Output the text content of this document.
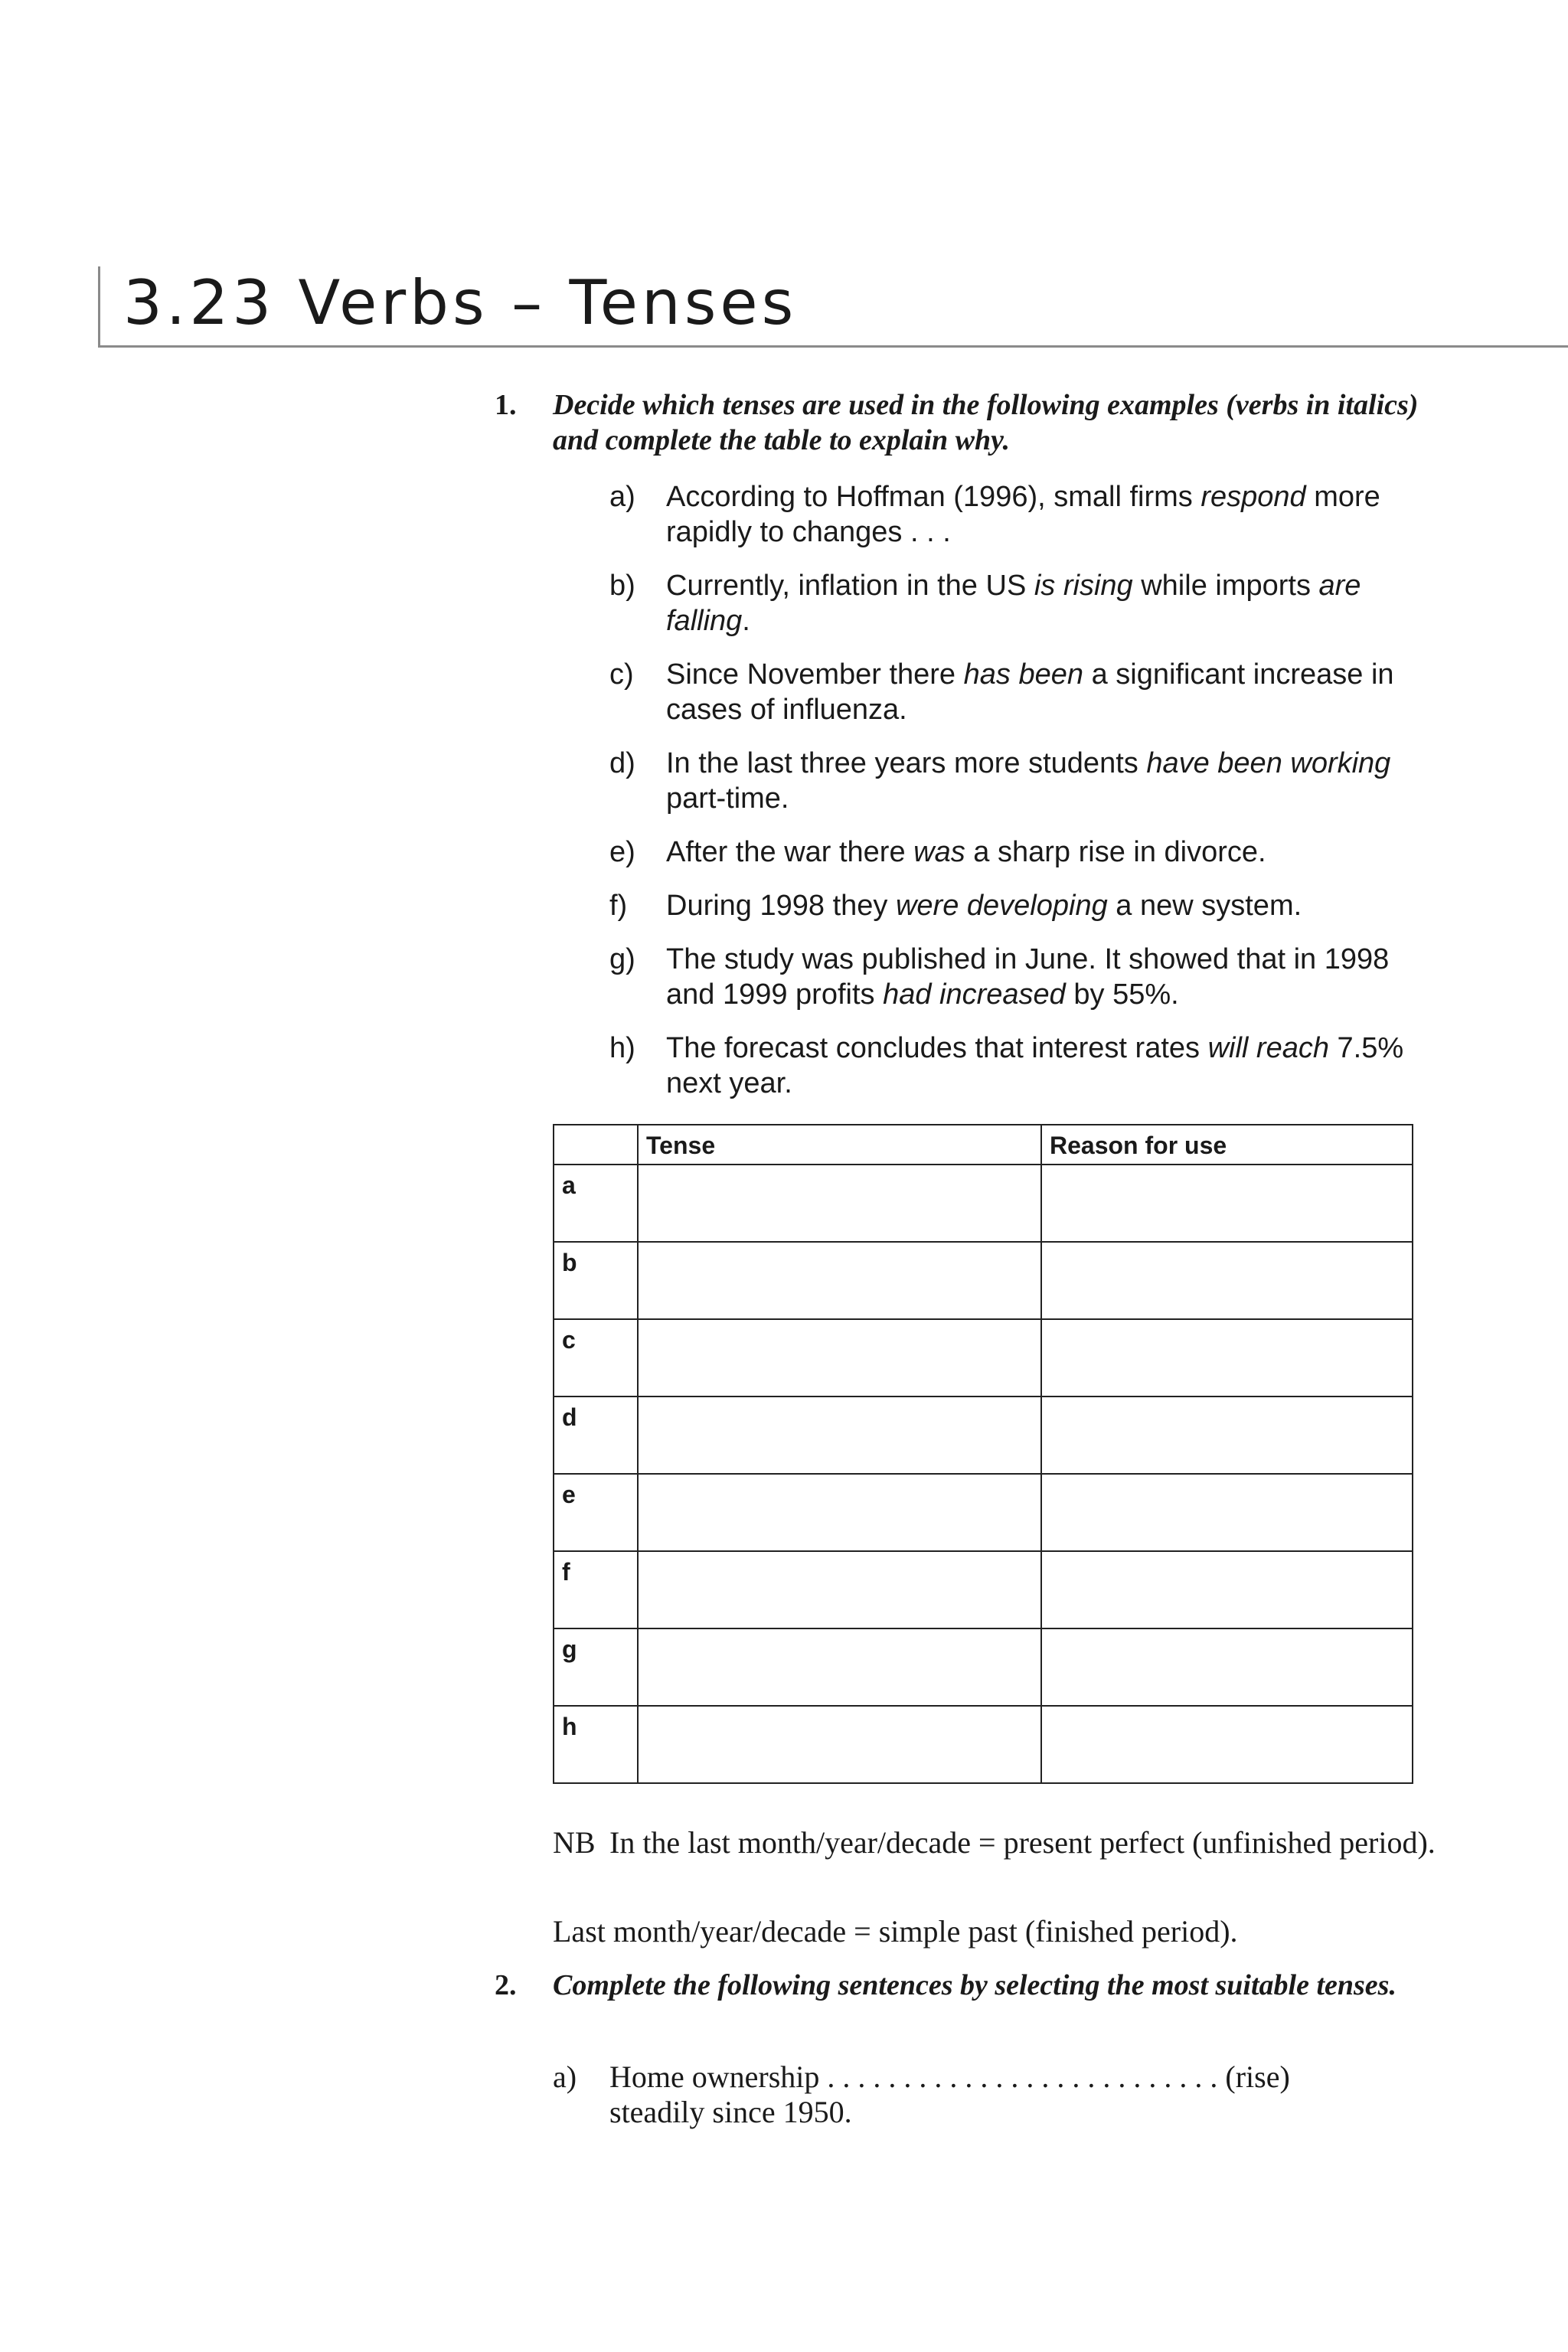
3.23 Verbs – Tenses
1. Decide which tenses are used in the following examples (verbs in italics) and complete the table to explain why.
a) According to Hoffman (1996), small firms respond more rapidly to changes . . .
b) Currently, inflation in the US is rising while imports are falling.
c) Since November there has been a significant increase in cases of influenza.
d) In the last three years more students have been working part-time.
e) After the war there was a sharp rise in divorce.
f) During 1998 they were developing a new system.
g) The study was published in June. It showed that in 1998 and 1999 profits had increased by 55%.
h) The forecast concludes that interest rates will reach 7.5% next year.
	Tense	Reason for use
a		
b		
c		
d		
e		
f		
g		
h		
NB In the last month/year/decade = present perfect (unfinished period).
Last month/year/decade = simple past (finished period).
2. Complete the following sentences by selecting the most suitable tenses.
a) Home ownership . . . . . . . . . . . . . . . . . . . . . . . . . . (rise)
steadily since 1950.
